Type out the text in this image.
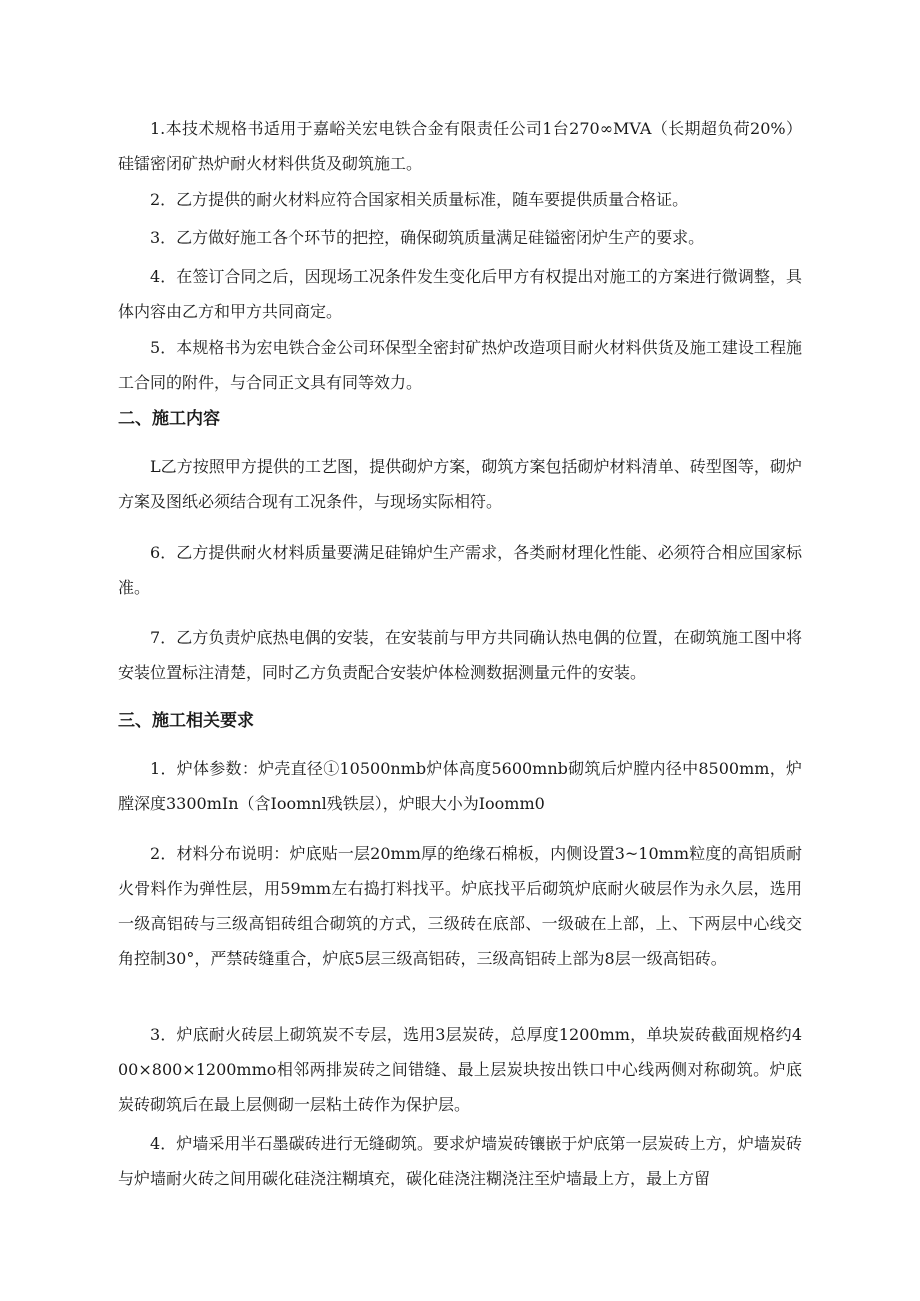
1.本技术规格书适用于嘉峪关宏电铁合金有限责任公司1台270∞MVA（长期超负荷20%）硅镭密闭矿热炉耐火材料供货及砌筑施工。

2．乙方提供的耐火材料应符合国家相关质量标准，随车要提供质量合格证。

3．乙方做好施工各个环节的把控，确保砌筑质量满足硅镒密闭炉生产的要求。

4．在签订合同之后，因现场工况条件发生变化后甲方有权提出对施工的方案进行微调整，具体内容由乙方和甲方共同商定。

5．本规格书为宏电铁合金公司环保型全密封矿热炉改造项目耐火材料供货及施工建设工程施工合同的附件，与合同正文具有同等效力。

二、施工内容

L乙方按照甲方提供的工艺图，提供砌炉方案，砌筑方案包括砌炉材料清单、砖型图等，砌炉方案及图纸必须结合现有工况条件，与现场实际相符。

6．乙方提供耐火材料质量要满足硅锦炉生产需求，各类耐材理化性能、必须符合相应国家标准。

7．乙方负责炉底热电偶的安装，在安装前与甲方共同确认热电偶的位置，在砌筑施工图中将安装位置标注清楚，同时乙方负责配合安装炉体检测数据测量元件的安装。

三、施工相关要求

1．炉体参数：炉壳直径①10500nmb炉体高度5600mnb砌筑后炉膛内径中8500mm，炉膛深度3300mIn（含Ioomnl残铁层），炉眼大小为Ioomm0

2．材料分布说明：炉底贴一层20mm厚的绝缘石棉板，内侧设置3~10mm粒度的高铝质耐火骨料作为弹性层，用59mm左右捣打料找平。炉底找平后砌筑炉底耐火破层作为永久层，选用一级高铝砖与三级高铝砖组合砌筑的方式，三级砖在底部、一级破在上部，上、下两层中心线交角控制30°，严禁砖缝重合，炉底5层三级高铝砖，三级高铝砖上部为8层一级高铝砖。

3．炉底耐火砖层上砌筑炭不专层，选用3层炭砖，总厚度1200mm，单块炭砖截面规格约400×800×1200mmo相邻两排炭砖之间错缝、最上层炭块按出铁口中心线两侧对称砌筑。炉底炭砖砌筑后在最上层侧砌一层粘土砖作为保护层。

4．炉墙采用半石墨碳砖进行无缝砌筑。要求炉墙炭砖镶嵌于炉底第一层炭砖上方，炉墙炭砖与炉墙耐火砖之间用碳化硅浇注糊填充，碳化硅浇注糊浇注至炉墙最上方，最上方留
